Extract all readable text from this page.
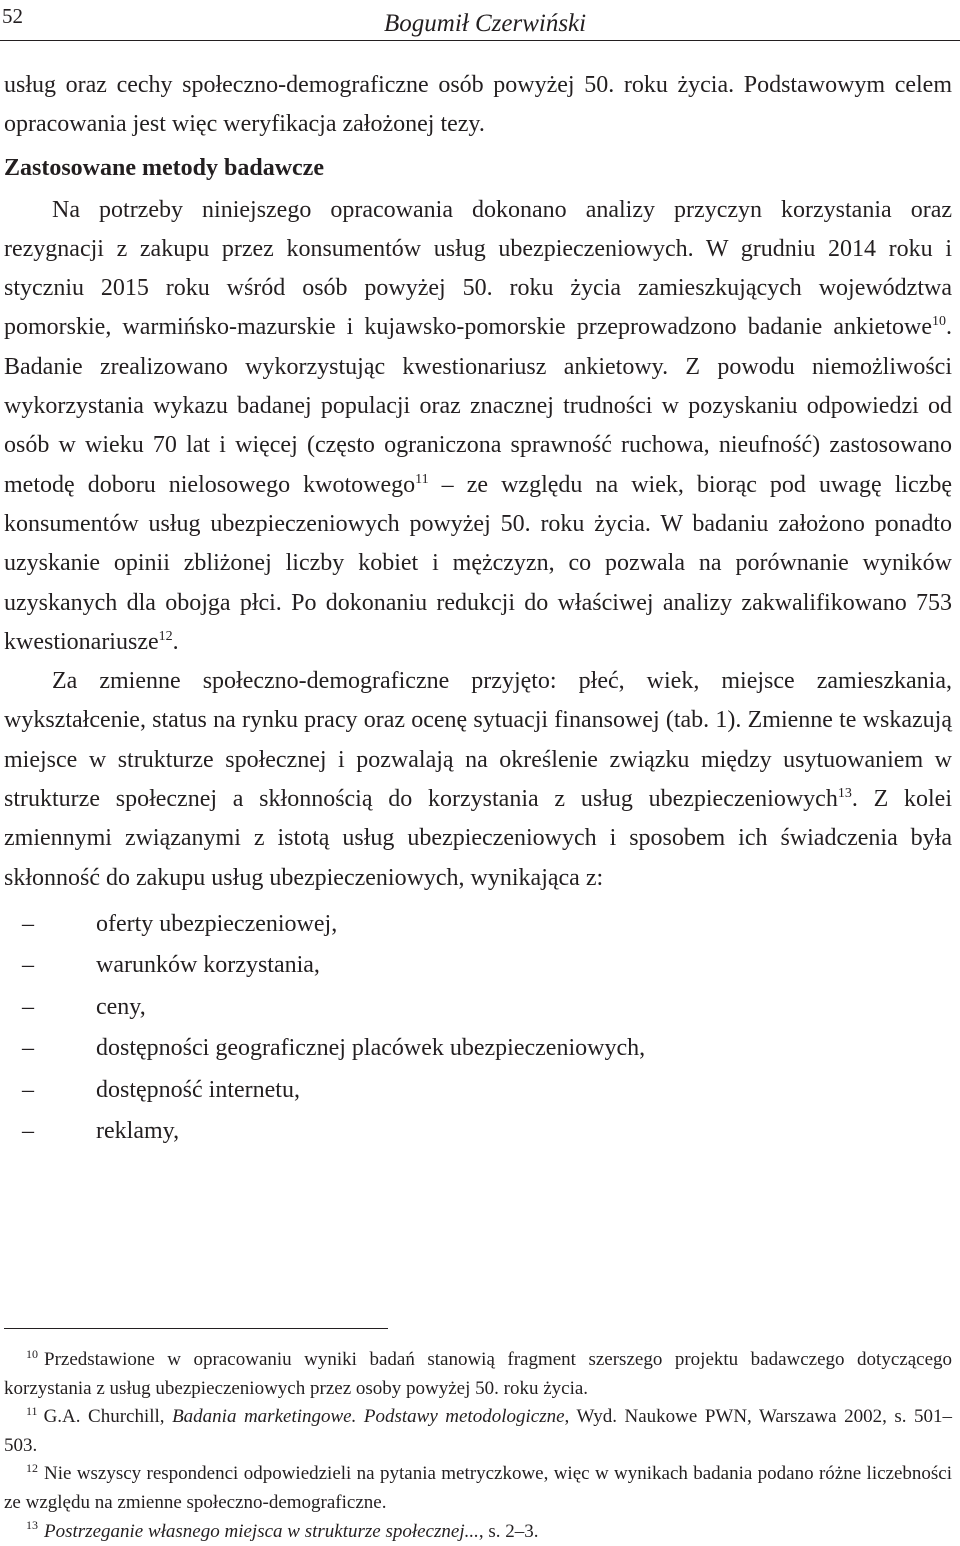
52	Bogumił Czerwiński

usług oraz cechy społeczno-demograficzne osób powyżej 50. roku życia. Podstawowym celem opracowania jest więc weryfikacja założonej tezy.

Zastosowane metody badawcze

Na potrzeby niniejszego opracowania dokonano analizy przyczyn korzystania oraz rezygnacji z zakupu przez konsumentów usług ubezpieczeniowych. W grudniu 2014 roku i styczniu 2015 roku wśród osób powyżej 50. roku życia zamieszkujących województwa pomorskie, warmińsko-mazurskie i kujawsko-pomorskie przeprowadzono badanie ankietowe$^{10}$. Badanie zrealizowano wykorzystując kwestionariusz ankietowy. Z powodu niemożliwości wykorzystania wykazu badanej populacji oraz znacznej trudności w pozyskaniu odpowiedzi od osób w wieku 70 lat i więcej (często ograniczona sprawność ruchowa, nieufność) zastosowano metodę doboru nielosowego kwotowego$^{11}$ – ze względu na wiek, biorąc pod uwagę liczbę konsumentów usług ubezpieczeniowych powyżej 50. roku życia. W badaniu założono ponadto uzyskanie opinii zbliżonej liczby kobiet i mężczyzn, co pozwala na porównanie wyników uzyskanych dla obojga płci. Po dokonaniu redukcji do właściwej analizy zakwalifikowano 753 kwestionariusze$^{12}$.

Za zmienne społeczno-demograficzne przyjęto: płeć, wiek, miejsce zamieszkania, wykształcenie, status na rynku pracy oraz ocenę sytuacji finansowej (tab. 1). Zmienne te wskazują miejsce w strukturze społecznej i pozwalają na określenie związku między usytuowaniem w strukturze społecznej a skłonnością do korzystania z usług ubezpieczeniowych$^{13}$. Z kolei zmiennymi związanymi z istotą usług ubezpieczeniowych i sposobem ich świadczenia była skłonność do zakupu usług ubezpieczeniowych, wynikająca z:

–	oferty ubezpieczeniowej,
–	warunków korzystania,
–	ceny,
–	dostępności geograficznej placówek ubezpieczeniowych,
–	dostępność internetu,
–	reklamy,

$^{10}$ Przedstawione w opracowaniu wyniki badań stanowią fragment szerszego projektu badawczego dotyczącego korzystania z usług ubezpieczeniowych przez osoby powyżej 50. roku życia.

$^{11}$ G.A. Churchill, Badania marketingowe. Podstawy metodologiczne, Wyd. Naukowe PWN, Warszawa 2002, s. 501–503.

$^{12}$ Nie wszyscy respondenci odpowiedzieli na pytania metryczkowe, więc w wynikach badania podano różne liczebności ze względu na zmienne społeczno-demograficzne.

$^{13}$ Postrzeganie własnego miejsca w strukturze społecznej..., s. 2–3.
